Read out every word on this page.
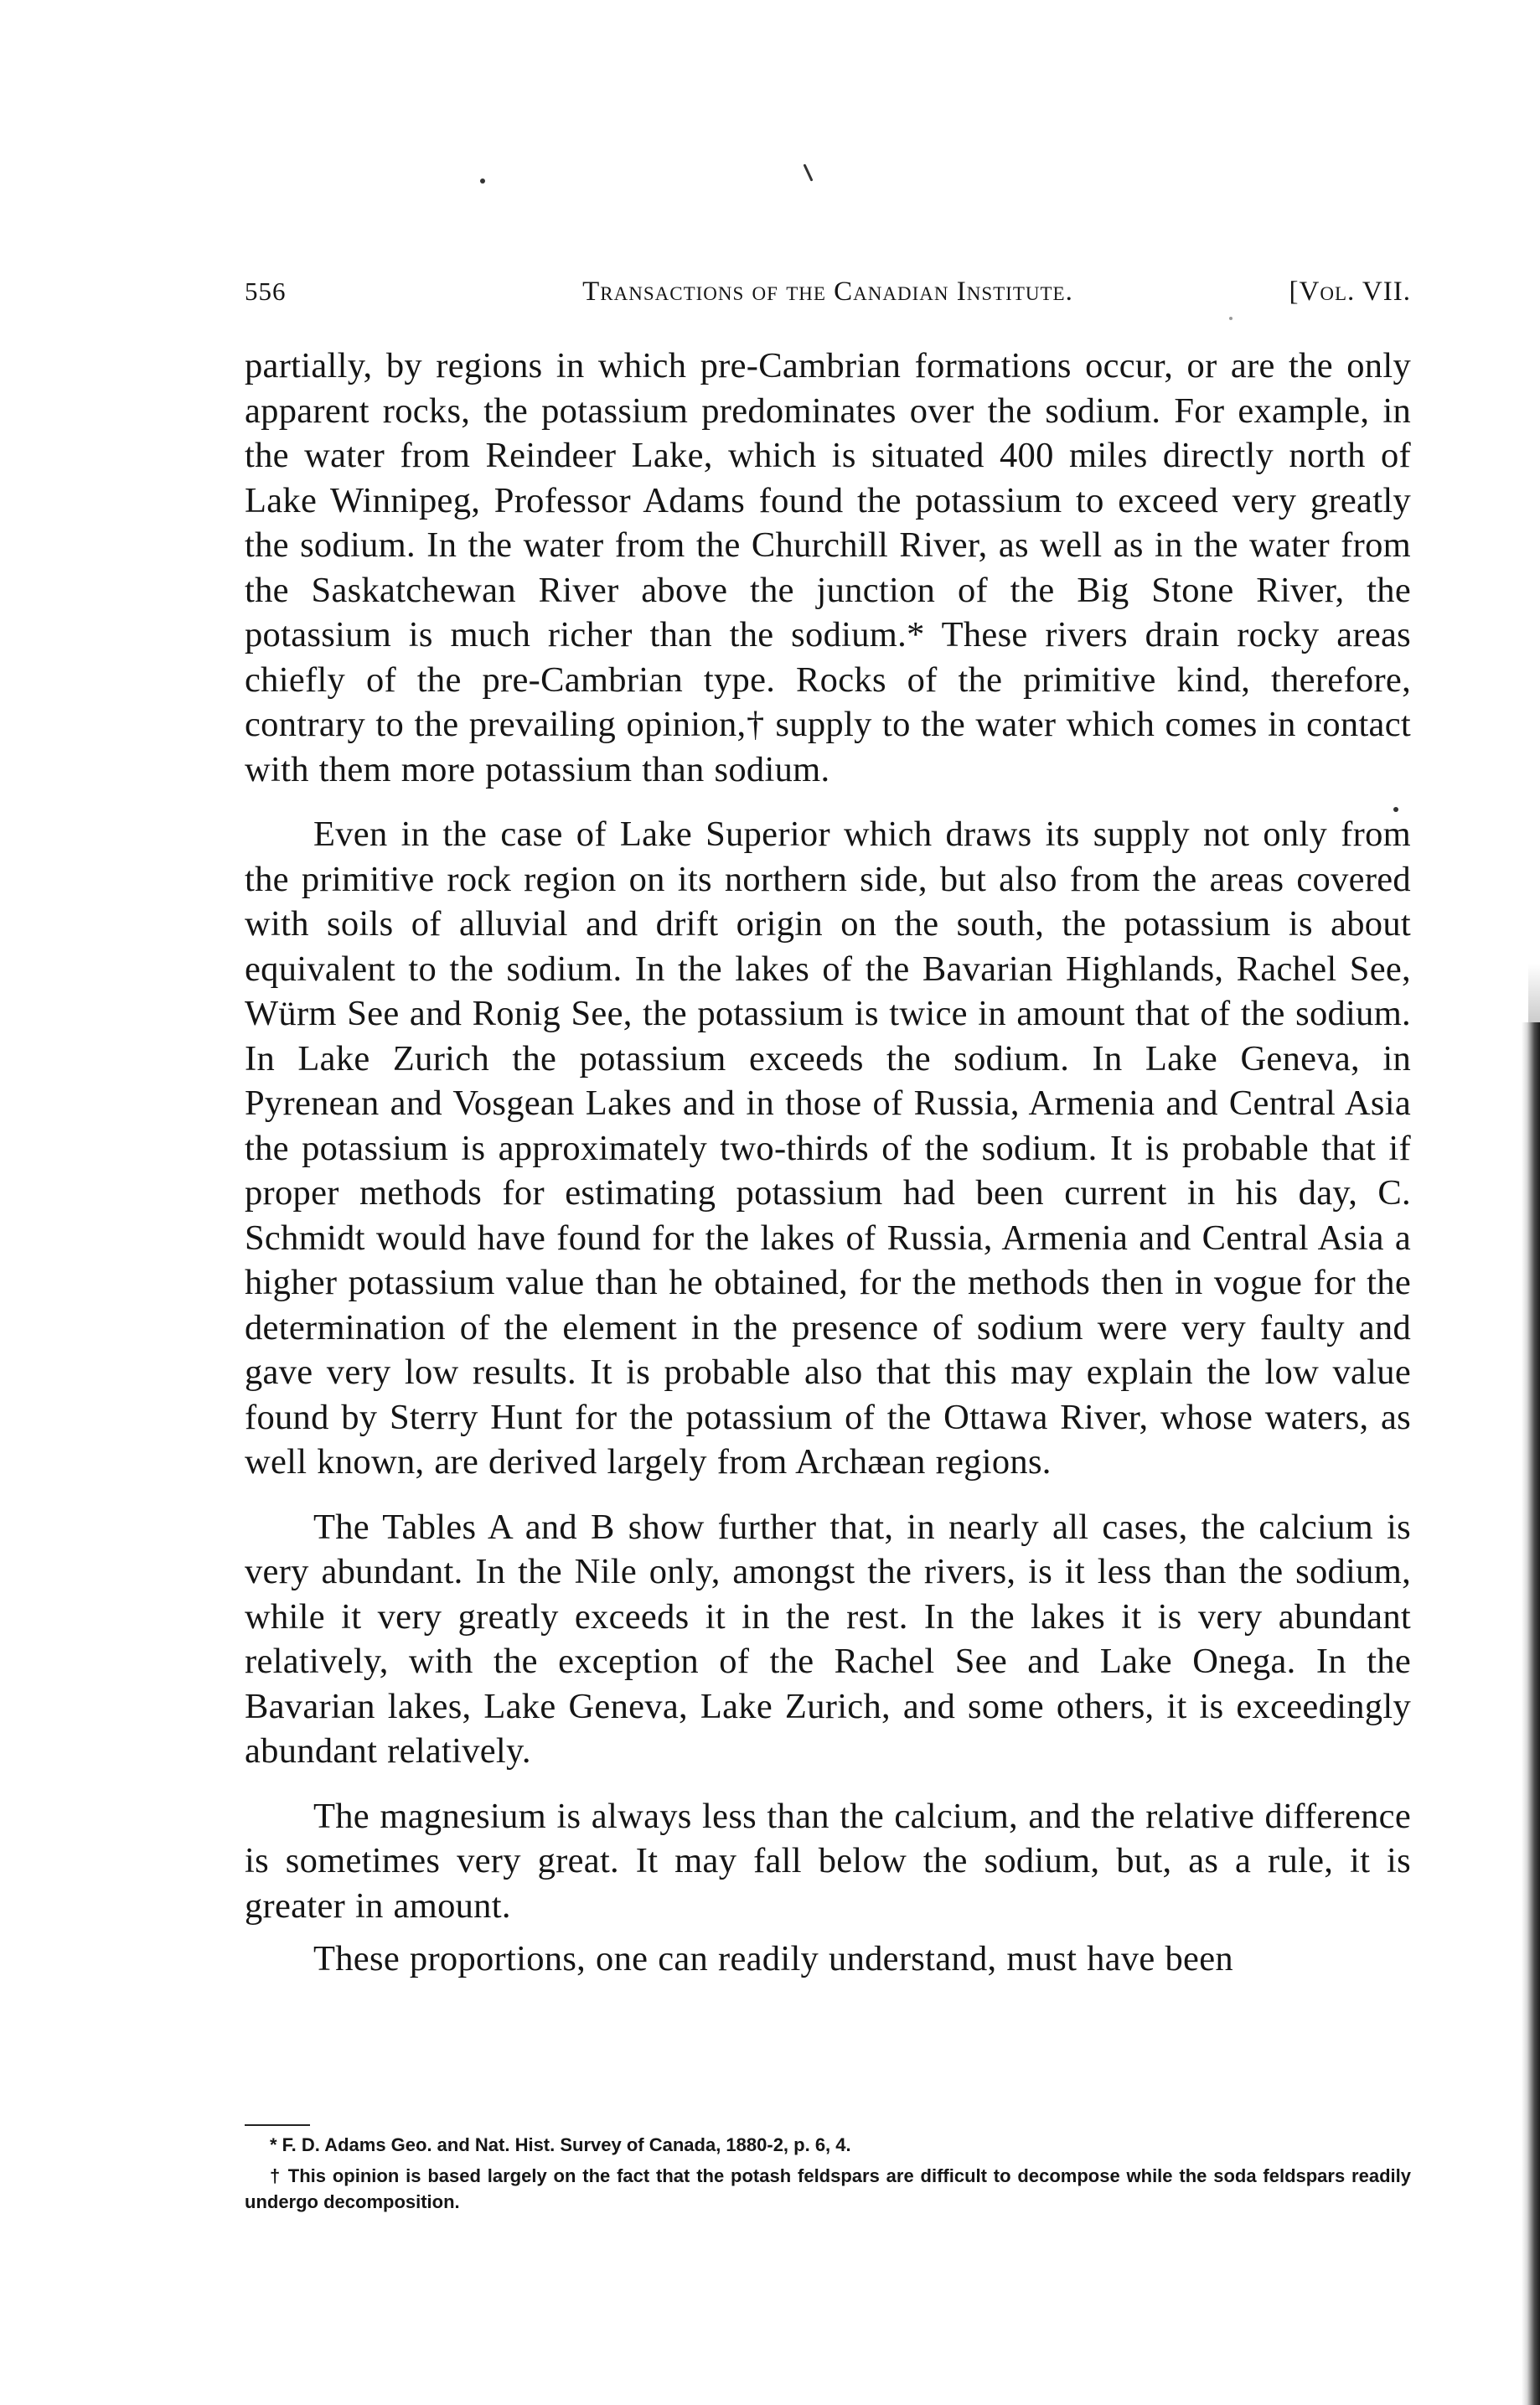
556	Transactions of the Canadian Institute.	[Vol. VII.

partially, by regions in which pre-Cambrian formations occur, or are the only apparent rocks, the potassium predominates over the sodium. For example, in the water from Reindeer Lake, which is situated 400 miles directly north of Lake Winnipeg, Professor Adams found the potassium to exceed very greatly the sodium. In the water from the Churchill River, as well as in the water from the Saskatchewan River above the junction of the Big Stone River, the potassium is much richer than the sodium.* These rivers drain rocky areas chiefly of the pre-Cambrian type. Rocks of the primitive kind, therefore, contrary to the prevailing opinion,† supply to the water which comes in contact with them more potassium than sodium.

Even in the case of Lake Superior which draws its supply not only from the primitive rock region on its northern side, but also from the areas covered with soils of alluvial and drift origin on the south, the potassium is about equivalent to the sodium. In the lakes of the Bavarian Highlands, Rachel See, Würm See and Ronig See, the potassium is twice in amount that of the sodium. In Lake Zurich the potassium exceeds the sodium. In Lake Geneva, in Pyrenean and Vosgean Lakes and in those of Russia, Armenia and Central Asia the potassium is approximately two-thirds of the sodium. It is probable that if proper methods for estimating potassium had been current in his day, C. Schmidt would have found for the lakes of Russia, Armenia and Central Asia a higher potassium value than he obtained, for the methods then in vogue for the determination of the element in the presence of sodium were very faulty and gave very low results. It is probable also that this may explain the low value found by Sterry Hunt for the potassium of the Ottawa River, whose waters, as well known, are derived largely from Archæan regions.

The Tables A and B show further that, in nearly all cases, the calcium is very abundant. In the Nile only, amongst the rivers, is it less than the sodium, while it very greatly exceeds it in the rest. In the lakes it is very abundant relatively, with the exception of the Rachel See and Lake Onega. In the Bavarian lakes, Lake Geneva, Lake Zurich, and some others, it is exceedingly abundant relatively.

The magnesium is always less than the calcium, and the relative difference is sometimes very great. It may fall below the sodium, but, as a rule, it is greater in amount.

These proportions, one can readily understand, must have been

* F. D. Adams Geo. and Nat. Hist. Survey of Canada, 1880-2, p. 6, 4.

† This opinion is based largely on the fact that the potash feldspars are difficult to decompose while the soda feldspars readily undergo decomposition.
